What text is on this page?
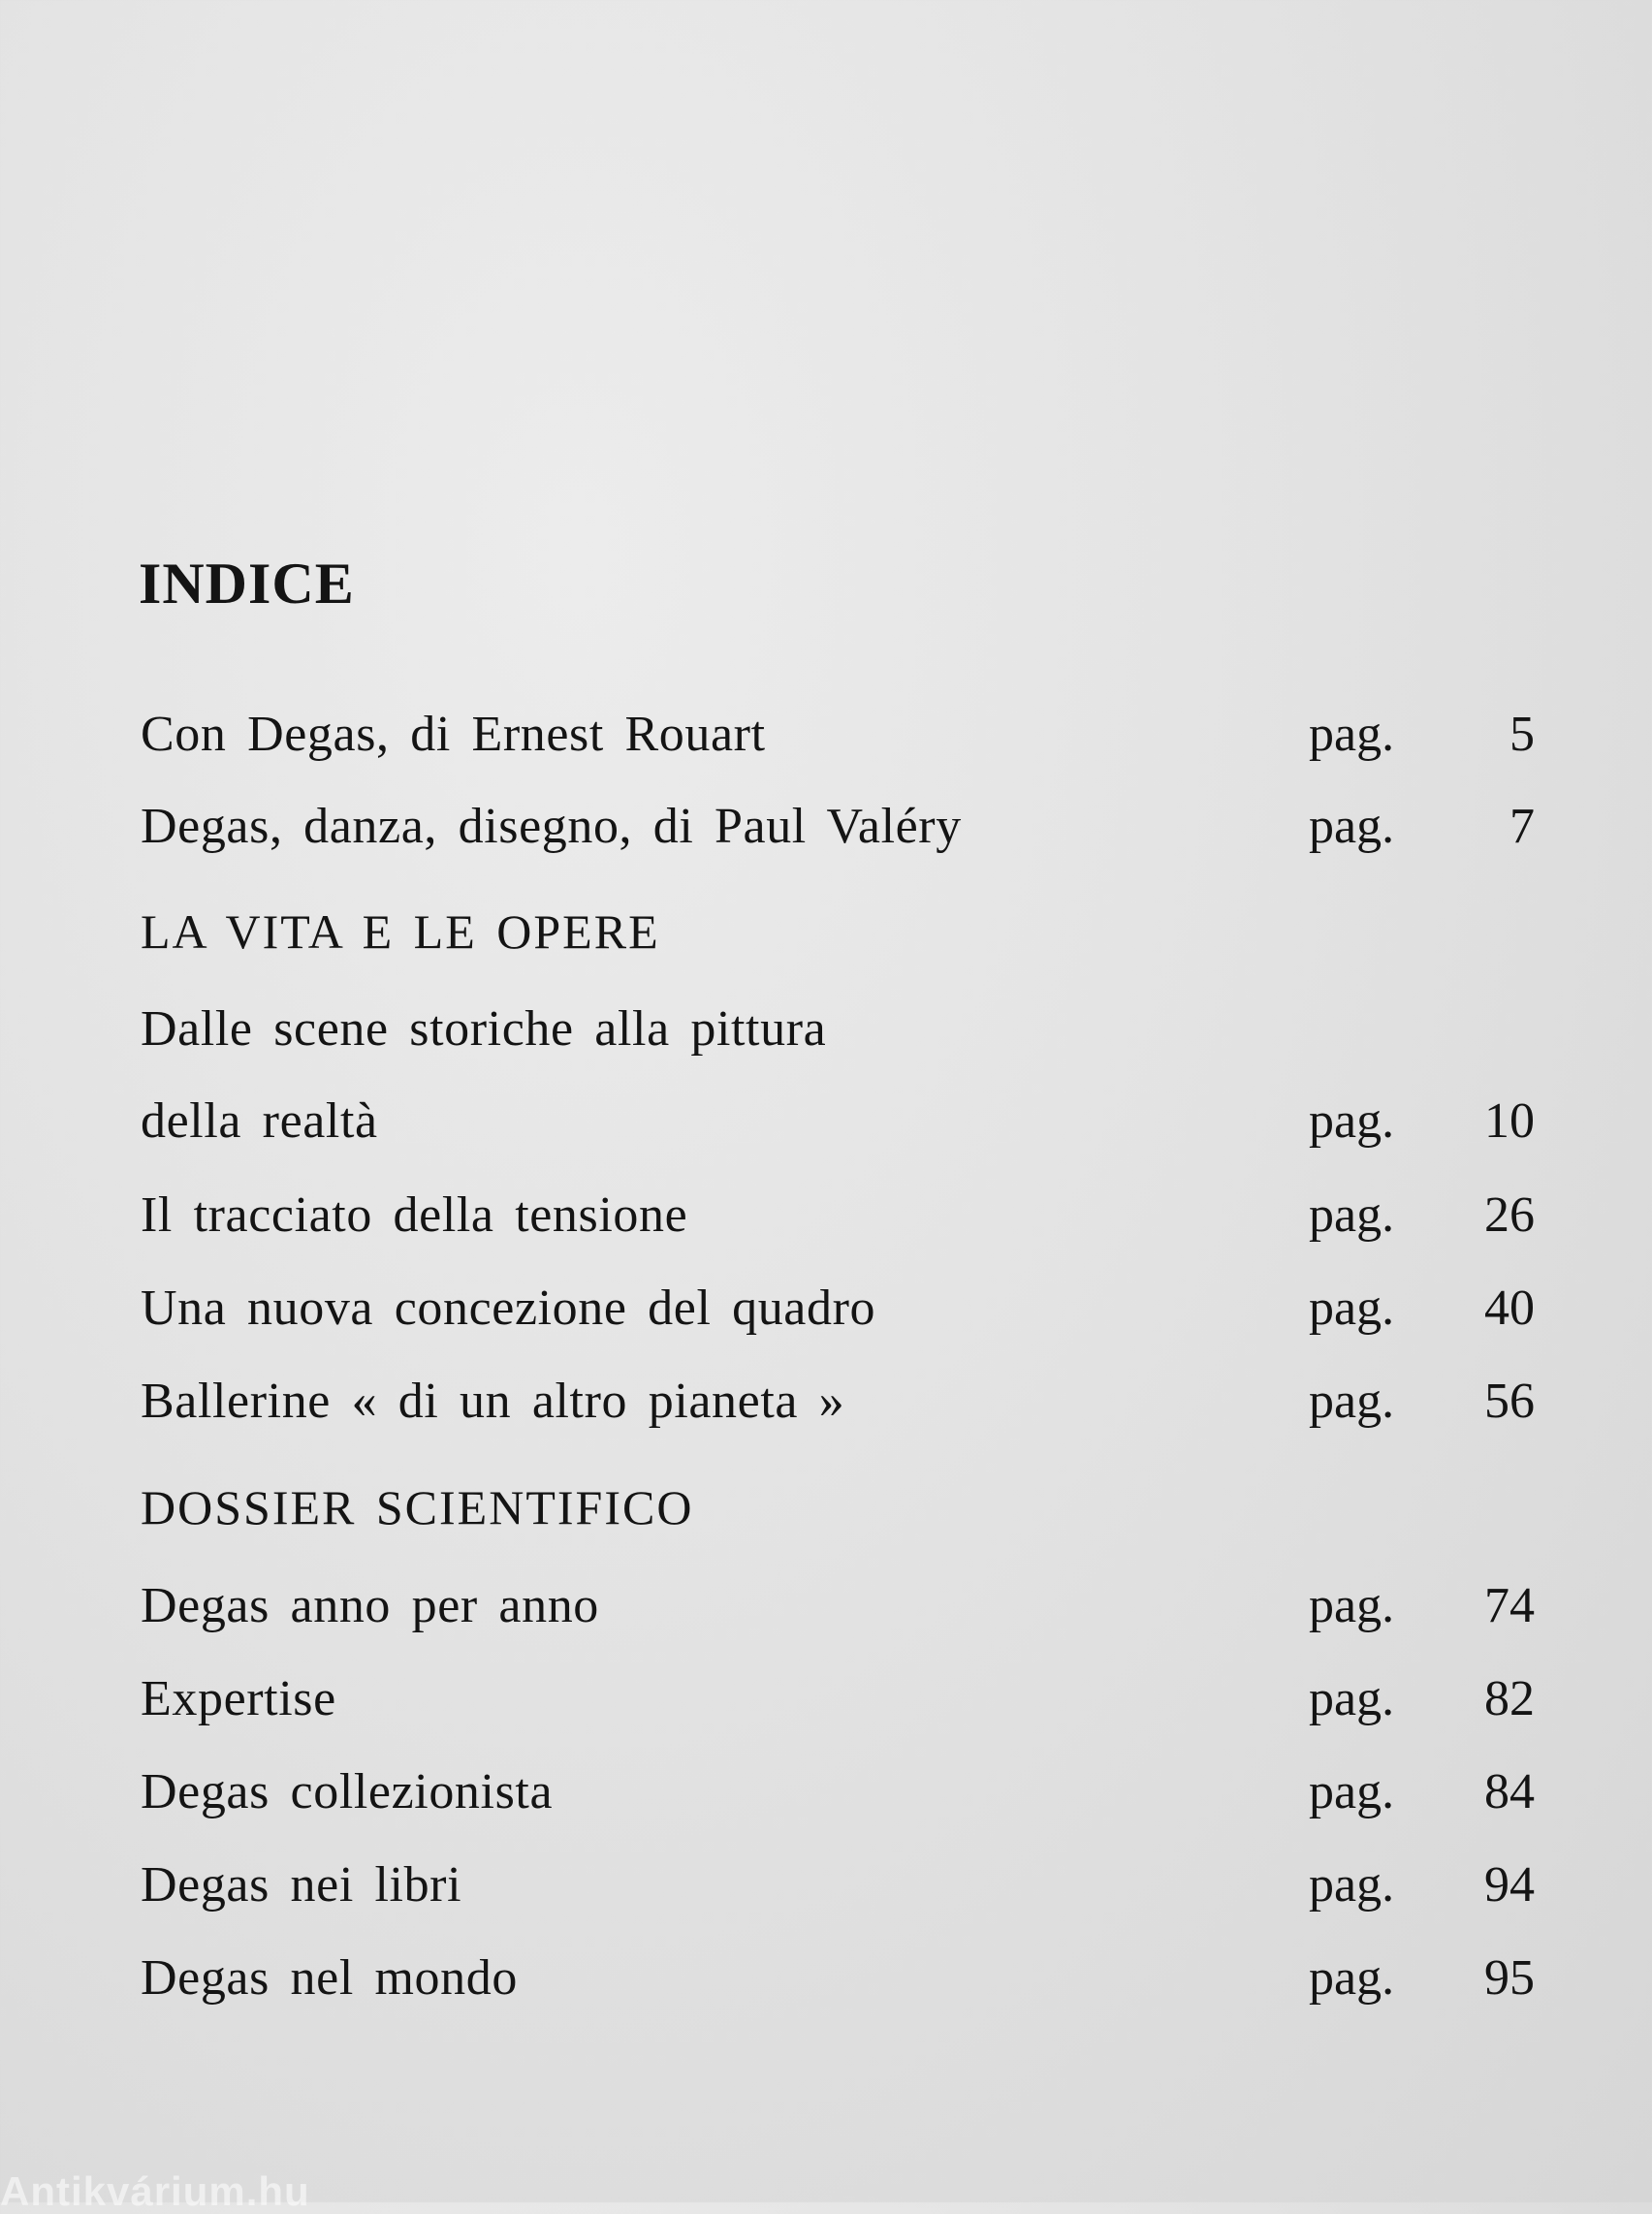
INDICE
Con Degas, di Ernest Rouart	pag. 5
Degas, danza, disegno, di Paul Valéry	pag. 7
LA VITA E LE OPERE
Dalle scene storiche alla pittura
della realtà	pag. 10
Il tracciato della tensione	pag. 26
Una nuova concezione del quadro	pag. 40
Ballerine « di un altro pianeta »	pag. 56
DOSSIER SCIENTIFICO
Degas anno per anno	pag. 74
Expertise	pag. 82
Degas collezionista	pag. 84
Degas nei libri	pag. 94
Degas nel mondo	pag. 95
Antikvárium.hu
